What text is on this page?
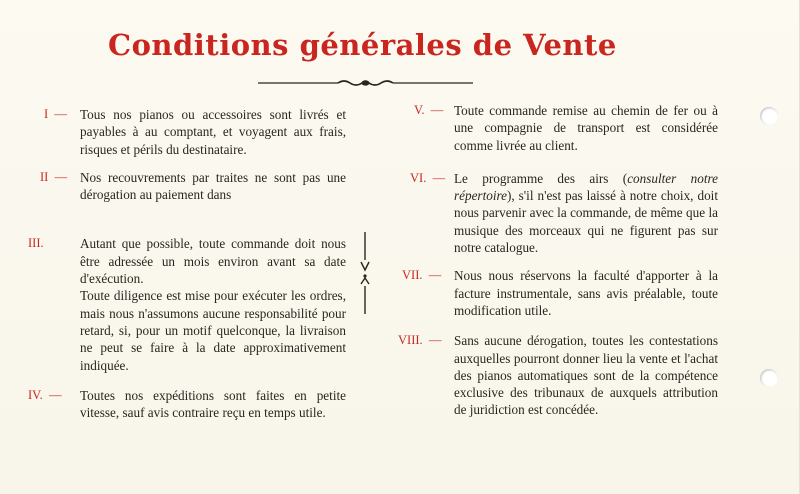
Conditions générales de Vente
I  — Tous nos pianos ou accessoires sont livrés et payables à au comptant, et voyagent aux frais, risques et périls du destinataire.

II  — Nos recouvrements par traites ne sont pas une dérogation au paiement dans

III.	Autant que possible, toute commande doit nous être adressée un mois environ avant sa date d'exécution.

Toute diligence est mise pour exécuter les ordres, mais nous n'assumons aucune responsabilité pour retard, si, pour un motif quelconque, la livraison ne peut se faire à la date approximativement indiquée.

IV.  — Toutes nos expéditions sont faites en petite vitesse, sauf avis contraire reçu en temps utile.

V.  — Toute commande remise au chemin de fer ou à une compagnie de transport est considérée comme livrée au client.

VI.  — Le programme des airs (consulter notre répertoire), s'il n'est pas laissé à notre choix, doit nous parvenir avec la commande, de même que la musique des morceaux qui ne figurent pas sur notre catalogue.

VII.  — Nous nous réservons la faculté d'apporter à la facture instrumentale, sans avis préalable, toute modification utile.

VIII.  — Sans aucune dérogation, toutes les contestations auxquelles pourront donner lieu la vente et l'achat des pianos automatiques sont de la compétence exclusive des tribunaux de auxquels attribution de juridiction est concédée.
